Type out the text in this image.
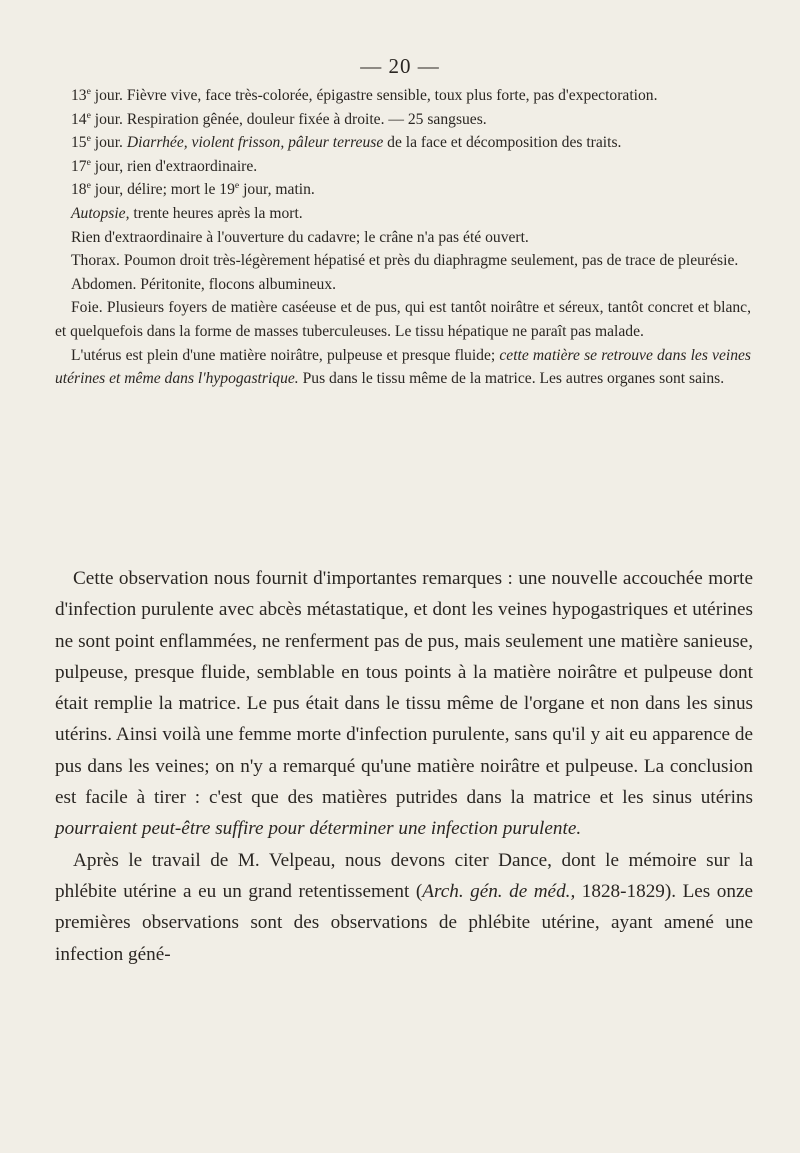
— 20 —

13e jour. Fièvre vive, face très-colorée, épigastre sensible, toux plus forte, pas d'expectoration.

14e jour. Respiration gênée, douleur fixée à droite. — 25 sangsues.

15e jour. Diarrhée, violent frisson, pâleur terreuse de la face et décomposition des traits.

17e jour, rien d'extraordinaire.

18e jour, délire; mort le 19e jour, matin.

Autopsie, trente heures après la mort.

Rien d'extraordinaire à l'ouverture du cadavre; le crâne n'a pas été ouvert.

Thorax. Poumon droit très-légèrement hépatisé et près du diaphragme seulement, pas de trace de pleurésie.

Abdomen. Péritonite, flocons albumineux.

Foie. Plusieurs foyers de matière caséeuse et de pus, qui est tantôt noirâtre et séreux, tantôt concret et blanc, et quelquefois dans la forme de masses tuberculeuses. Le tissu hépatique ne paraît pas malade.

L'utérus est plein d'une matière noirâtre, pulpeuse et presque fluide; cette matière se retrouve dans les veines utérines et même dans l'hypogastrique. Pus dans le tissu même de la matrice. Les autres organes sont sains.

Cette observation nous fournit d'importantes remarques : une nouvelle accouchée morte d'infection purulente avec abcès métastatique, et dont les veines hypogastriques et utérines ne sont point enflammées, ne renferment pas de pus, mais seulement une matière sanieuse, pulpeuse, presque fluide, semblable en tous points à la matière noirâtre et pulpeuse dont était remplie la matrice. Le pus était dans le tissu même de l'organe et non dans les sinus utérins. Ainsi voilà une femme morte d'infection purulente, sans qu'il y ait eu apparence de pus dans les veines; on n'y a remarqué qu'une matière noirâtre et pulpeuse. La conclusion est facile à tirer : c'est que des matières putrides dans la matrice et les sinus utérins pourraient peut-être suffire pour déterminer une infection purulente.

Après le travail de M. Velpeau, nous devons citer Dance, dont le mémoire sur la phlébite utérine a eu un grand retentissement (Arch. gén. de méd., 1828-1829). Les onze premières observations sont des observations de phlébite utérine, ayant amené une infection géné-
